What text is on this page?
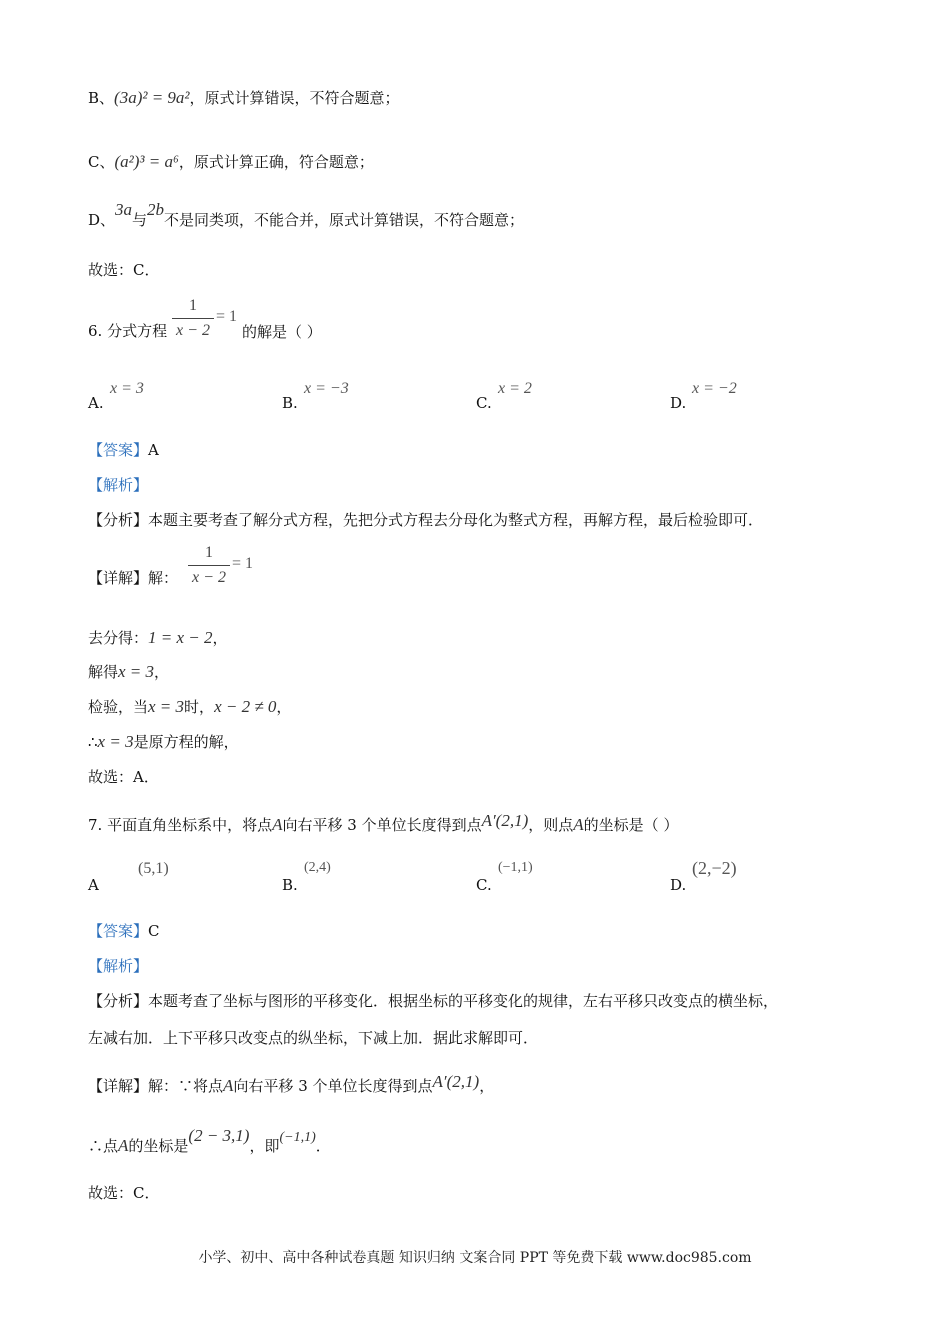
B、(3a)² = 9a²，原式计算错误，不符合题意；
C、(a²)³ = a⁶，原式计算正确，符合题意；
D、3a与2b不是同类项，不能合并，原式计算错误，不符合题意；
故选：C．
6. 分式方程
1
x − 2
= 1
的解是（ ）
A.
x = 3
B.
x = −3
C.
x = 2
D.
x = −2
【答案】A
【解析】
【分析】本题主要考查了解分式方程，先把分式方程去分母化为整式方程，再解方程，最后检验即可．
【详解】解：
1
x − 2
= 1
去分得：1 = x − 2，
解得x = 3，
检验，当x = 3时，x − 2 ≠ 0，
∴x = 3是原方程的解，
故选：A．
7. 平面直角坐标系中，将点A向右平移 3 个单位长度得到点A′(2,1)，则点A的坐标是（ ）
A
(5,1)
B.
(2,4)
C.
(−1,1)
D.
(2,−2)
【答案】C
【解析】
【分析】本题考查了坐标与图形的平移变化．根据坐标的平移变化的规律，左右平移只改变点的横坐标，
左减右加．上下平移只改变点的纵坐标，下减上加．据此求解即可．
【详解】解：∵将点A向右平移 3 个单位长度得到点A′(2,1)，
∴点A的坐标是(2 − 3,1)，即(−1,1)．
故选：C．
小学、初中、高中各种试卷真题 知识归纳 文案合同 PPT 等免费下载 www.doc985.com
